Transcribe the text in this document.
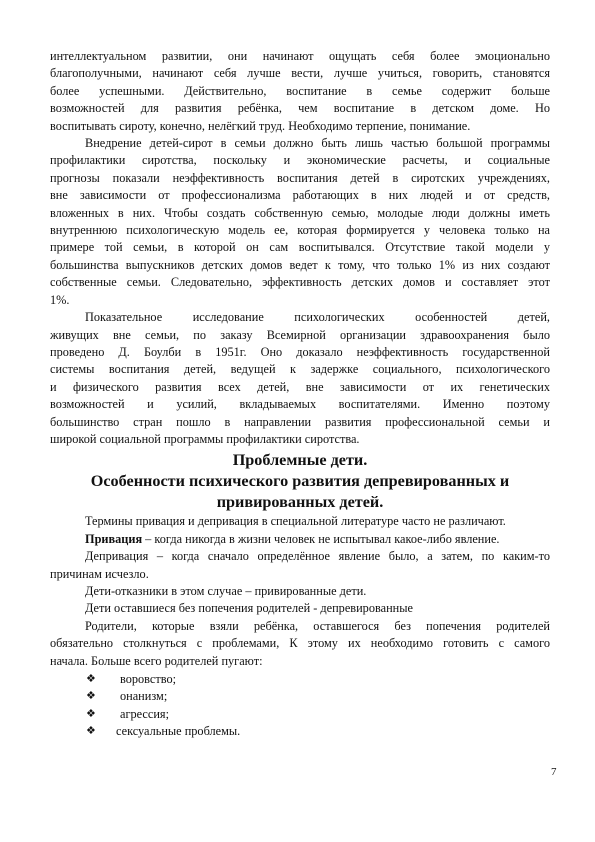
интеллектуальном развитии, они начинают ощущать себя более эмоционально
благополучными, начинают себя лучше вести, лучше учиться, говорить, становятся
более успешными. Действительно, воспитание в семье содержит больше
возможностей для развития ребёнка, чем воспитание в детском доме. Но
воспитывать сироту, конечно, нелёгкий труд. Необходимо терпение, понимание.
Внедрение детей-сирот в семьи должно быть лишь частью большой программы
профилактики сиротства, поскольку и экономические расчеты, и социальные
прогнозы показали неэффективность воспитания детей в сиротских учреждениях,
вне зависимости от профессионализма работающих в них людей и от средств,
вложенных в них. Чтобы создать собственную семью, молодые люди должны иметь
внутреннюю психологическую модель ее, которая формируется у человека только на
примере той семьи, в которой он сам воспитывался. Отсутствие такой модели у
большинства выпускников детских домов ведет к тому, что только 1% из них создают
собственные семьи. Следовательно, эффективность детских домов и составляет этот
1%.
Показательное исследование психологических особенностей детей,
живущих вне семьи, по заказу Всемирной организации здравоохранения было
проведено Д. Боулби в 1951г. Оно доказало неэффективность государственной
системы воспитания детей, ведущей к задержке социального, психологического
и физического развития всех детей, вне зависимости от их генетических
возможностей и усилий, вкладываемых воспитателями. Именно поэтому
большинство стран пошло в направлении развития профессиональной семьи и
широкой социальной программы профилактики сиротства.
Проблемные дети.
Особенности психического развития депревированных и
привированных детей.
Термины привация и депривация в специальной литературе часто не различают.
Привация – когда никогда в жизни человек не испытывал какое-либо явление.
Депривация – когда сначало определённое явление было, а затем, по каким-то
причинам исчезло.
Дети-отказники в этом случае – привированные дети.
Дети оставшиеся без попечения родителей - депревированные
Родители, которые взяли ребёнка, оставшегося без попечения родителей
обязательно столкнуться с проблемами, К этому их необходимо готовить с самого
начала. Больше всего родителей пугают:
❖	воровство;
❖	онанизм;
❖	агрессия;
❖	сексуальные проблемы.
7
